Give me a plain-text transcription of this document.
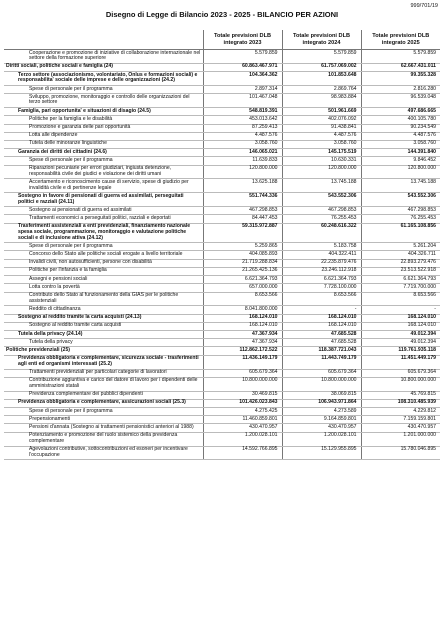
999/701/19
Disegno di Legge di Bilancio 2023 - 2025 - BILANCIO PER AZIONI
	Totale previsioni DLB integrato 2023	Totale previsioni DLB integrato 2024	Totale previsioni DLB integrato 2025
Cooperazione e promozione di iniziative di collaborazione internazionale nel settore della formazione superiore	5.579.859	5.579.859	5.579.859
Diritti sociali, politiche sociali e famiglia (24)	60.863.467.971	61.757.069.002	62.667.431.011
Terzo settore (associazionismo, volontariato, Onlus e formazioni sociali) e responsabilita' sociale delle imprese e delle organizzazioni (24.2)	104.364.362	101.853.648	99.355.328
Spese di personale per il programma	2.897.314	2.869.764	2.816.280
Sviluppo, promozione, monitoraggio e controllo delle organizzazioni del terzo settore	101.467.048	98.983.884	96.539.048
Famiglia, pari opportunita' e situazioni di disagio (24.5)	548.819.391	501.961.669	497.686.665
Politiche per la famiglia e le disabilità	453.013.642	402.076.092	400.105.780
Promozione e garanzia delle pari opportunità	87.259.413	91.438.841	90.234.549
Lotta alle dipendenze	4.487.576	4.487.576	4.487.576
Tutela delle minoranze linguistiche	3.058.760	3.058.760	3.058.760
Garanzia dei diritti dei cittadini (24.6)	146.065.021	145.175.519	144.391.840
Spese di personale per il programma	11.639.833	10.630.331	9.846.452
Riparazioni pecuniarie per errori giudiziari, ingiusta detenzione, responsabilità civile dei giudici e violazione dei diritti umani	120.800.000	120.800.000	120.800.000
Accertamento e riconoscimento cause di servizio, spese di giudizio per invalidità civile e di pertinenze legale	13.625.188	13.745.188	13.745.188
Sostegno in favore di pensionati di guerra ed assimilati, perseguitati politici e razziali (24.11)	551.744.336	543.552.306	543.552.306
Sostegno ai pensionati di guerra ed assimilati	467.298.853	467.298.853	467.298.853
Trattamenti economici a perseguitati politici, razziali e deportati	84.447.453	76.255.453	76.255.453
Trasferimenti assistenziali a enti previdenziali, finanziamento nazionale spesa sociale, programmazione, monitoraggio e valutazione politiche sociali e di inclusione attiva (24.12)	59.315.972.887	60.248.616.322	61.165.108.856
Spese di personale per il programma	5.259.865	5.183.758	5.261.204
Concorso dello Stato alle politiche sociali erogate a livello territoriale	404.085.893	404.322.411	404.326.711
Invalidi civili, non autosufficienti, persone con disabilità	21.719.288.834	22.235.879.476	22.893.279.476
Politiche per l'infanzia e la famiglia	21.265.425.136	23.246.112.918	23.513.522.918
Assegni e pensioni sociali	6.621.364.793	6.621.364.793	6.621.364.793
Lotta contro la povertà	657.000.000	7.728.100.000	7.719.700.000
Contributo dello Stato al funzionamento della GIAS per le politiche assistenziali	8.653.566	8.653.566	8.653.566
Reddito di cittadinanza	8.041.800.000	-	-
Sostegno al reddito tramite la carta acquisti (24.13)	168.124.010	168.124.010	168.124.010
Sostegno al reddito tramite carta acquisti	168.124.010	168.124.010	168.124.010
Tutela della privacy (24.14)	47.367.934	47.685.528	49.012.394
Tutela della privacy	47.367.934	47.685.528	49.012.394
Politiche previdenziali (25)	112.862.172.522	118.387.721.043	119.761.935.118
Previdenza obbligatoria e complementare, sicurezza sociale - trasferimenti agli enti ed organismi interessati (25.2)	11.436.149.179	11.443.749.179	11.451.449.179
Trattamenti previdenziali per particolari categorie di lavoratori	605.679.364	605.679.364	605.679.364
Contribuzione aggiuntiva e carico del datore di lavoro per i dipendenti delle amministrazioni statali	10.800.000.000	10.800.000.000	10.800.000.000
Previdenza complementare dei pubblici dipendenti	30.469.815	38.069.815	45.769.815
Previdenza obbligatoria e complementare, assicurazioni sociali (25.3)	101.426.023.843	106.943.971.864	108.310.485.939
Spese di personale per il programma	4.275.425	4.273.589	4.229.812
Prepensionamenti	11.460.859.801	9.164.859.801	7.159.159.801
Pensioni d'annata (Sostegno ai trattamenti pensionistici anteriori al 1988)	430.470.957	430.470.957	430.470.957
Potenziamento e promozione del ruolo sistemico della previdenza complementare	1.200.028.101	1.200.028.101	1.201.000.000
Agevolazioni contributive, sottocontribuzioni ed esoneri per incentivare l'occupazione	14.592.766.895	15.129.955.895	15.780.046.895
